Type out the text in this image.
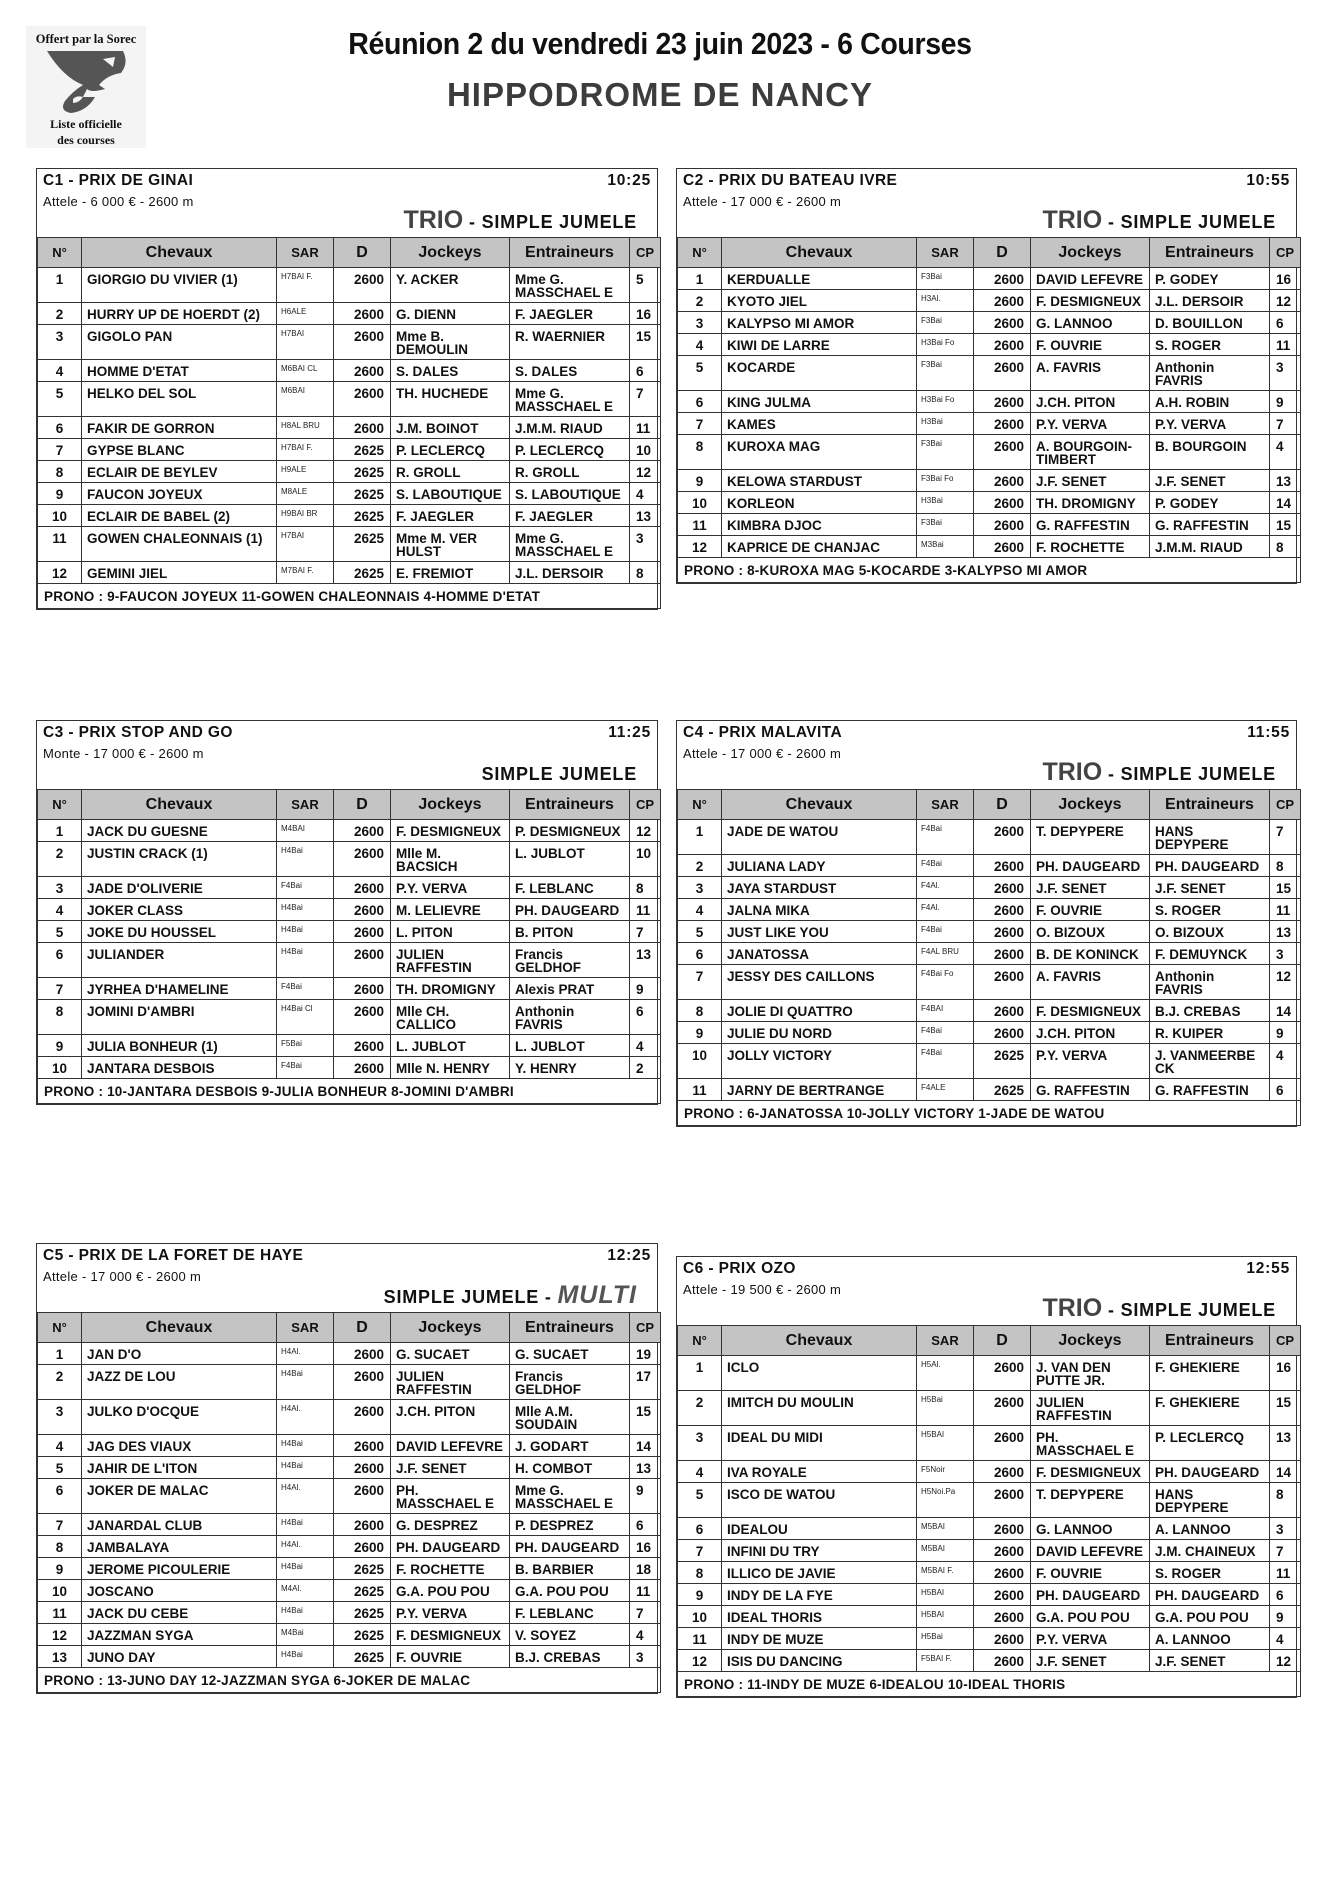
Offert par la Sorec
Liste officielle
des courses
Réunion 2 du vendredi 23 juin 2023 - 6 Courses
HIPPODROME DE NANCY
C1 - PRIX DE GINAI	10:25
Attele - 6 000 € - 2600 m
TRIO - SIMPLE JUMELE
N°	Chevaux	SAR	D	Jockeys	Entraineurs	CP
1	GIORGIO DU VIVIER (1)	H7BAI F.	2600	Y. ACKER	Mme G. MASSCHAEL E	5
2	HURRY UP DE HOERDT (2)	H6ALE	2600	G. DIENN	F. JAEGLER	16
3	GIGOLO PAN	H7BAI	2600	Mme B. DEMOULIN	R. WAERNIER	15
4	HOMME D'ETAT	M6BAI CL	2600	S. DALES	S. DALES	6
5	HELKO DEL SOL	M6BAI	2600	TH. HUCHEDE	Mme G. MASSCHAEL E	7
6	FAKIR DE GORRON	H8AL BRU	2600	J.M. BOINOT	J.M.M. RIAUD	11
7	GYPSE BLANC	H7BAI F.	2625	P. LECLERCQ	P. LECLERCQ	10
8	ECLAIR DE BEYLEV	H9ALE	2625	R. GROLL	R. GROLL	12
9	FAUCON JOYEUX	M8ALE	2625	S. LABOUTIQUE	S. LABOUTIQUE	4
10	ECLAIR DE BABEL (2)	H9BAI BR	2625	F. JAEGLER	F. JAEGLER	13
11	GOWEN CHALEONNAIS (1)	H7BAI	2625	Mme M. VER HULST	Mme G. MASSCHAEL E	3
12	GEMINI JIEL	M7BAI F.	2625	E. FREMIOT	J.L. DERSOIR	8
PRONO : 9-FAUCON JOYEUX 11-GOWEN CHALEONNAIS 4-HOMME D'ETAT						
C2 - PRIX DU BATEAU IVRE	10:55
Attele - 17 000 € - 2600 m
TRIO - SIMPLE JUMELE
N°	Chevaux	SAR	D	Jockeys	Entraineurs	CP
1	KERDUALLE	F3Bai	2600	DAVID LEFEVRE	P. GODEY	16
2	KYOTO JIEL	H3Al.	2600	F. DESMIGNEUX	J.L. DERSOIR	12
3	KALYPSO MI AMOR	F3Bai	2600	G. LANNOO	D. BOUILLON	6
4	KIWI DE LARRE	H3Bai Fo	2600	F. OUVRIE	S. ROGER	11
5	KOCARDE	F3Bai	2600	A. FAVRIS	Anthonin FAVRIS	3
6	KING JULMA	H3Bai Fo	2600	J.CH. PITON	A.H. ROBIN	9
7	KAMES	H3Bai	2600	P.Y. VERVA	P.Y. VERVA	7
8	KUROXA MAG	F3Bai	2600	A. BOURGOIN-TIMBERT	B. BOURGOIN	4
9	KELOWA STARDUST	F3Bai Fo	2600	J.F. SENET	J.F. SENET	13
10	KORLEON	H3Bai	2600	TH. DROMIGNY	P. GODEY	14
11	KIMBRA DJOC	F3Bai	2600	G. RAFFESTIN	G. RAFFESTIN	15
12	KAPRICE DE CHANJAC	M3Bai	2600	F. ROCHETTE	J.M.M. RIAUD	8
PRONO : 8-KUROXA MAG 5-KOCARDE 3-KALYPSO MI AMOR						
C3 - PRIX STOP AND GO	11:25
Monte - 17 000 € - 2600 m
SIMPLE JUMELE
N°	Chevaux	SAR	D	Jockeys	Entraineurs	CP
1	JACK DU GUESNE	M4BAI	2600	F. DESMIGNEUX	P. DESMIGNEUX	12
2	JUSTIN CRACK (1)	H4Bai	2600	Mlle M. BACSICH	L. JUBLOT	10
3	JADE D'OLIVERIE	F4Bai	2600	P.Y. VERVA	F. LEBLANC	8
4	JOKER CLASS	H4Bai	2600	M. LELIEVRE	PH. DAUGEARD	11
5	JOKE DU HOUSSEL	H4Bai	2600	L. PITON	B. PITON	7
6	JULIANDER	H4Bai	2600	JULIEN RAFFESTIN	Francis GELDHOF	13
7	JYRHEA D'HAMELINE	F4Bai	2600	TH. DROMIGNY	Alexis PRAT	9
8	JOMINI D'AMBRI	H4Bai Cl	2600	Mlle CH. CALLICO	Anthonin FAVRIS	6
9	JULIA BONHEUR (1)	F5Bai	2600	L. JUBLOT	L. JUBLOT	4
10	JANTARA DESBOIS	F4Bai	2600	Mlle N. HENRY	Y. HENRY	2
PRONO : 10-JANTARA DESBOIS 9-JULIA BONHEUR 8-JOMINI D'AMBRI						
C4 - PRIX MALAVITA	11:55
Attele - 17 000 € - 2600 m
TRIO - SIMPLE JUMELE
N°	Chevaux	SAR	D	Jockeys	Entraineurs	CP
1	JADE DE WATOU	F4Bai	2600	T. DEPYPERE	HANS DEPYPERE	7
2	JULIANA LADY	F4Bai	2600	PH. DAUGEARD	PH. DAUGEARD	8
3	JAYA STARDUST	F4Al.	2600	J.F. SENET	J.F. SENET	15
4	JALNA MIKA	F4Al.	2600	F. OUVRIE	S. ROGER	11
5	JUST LIKE YOU	F4Bai	2600	O. BIZOUX	O. BIZOUX	13
6	JANATOSSA	F4AL BRU	2600	B. DE KONINCK	F. DEMUYNCK	3
7	JESSY DES CAILLONS	F4Bai Fo	2600	A. FAVRIS	Anthonin FAVRIS	12
8	JOLIE DI QUATTRO	F4BAI	2600	F. DESMIGNEUX	B.J. CREBAS	14
9	JULIE DU NORD	F4Bai	2600	J.CH. PITON	R. KUIPER	9
10	JOLLY VICTORY	F4Bai	2625	P.Y. VERVA	J. VANMEERBE CK	4
11	JARNY DE BERTRANGE	F4ALE	2625	G. RAFFESTIN	G. RAFFESTIN	6
PRONO : 6-JANATOSSA 10-JOLLY VICTORY 1-JADE DE WATOU						
C5 - PRIX DE LA FORET DE HAYE	12:25
Attele - 17 000 € - 2600 m
SIMPLE JUMELE - MULTI
N°	Chevaux	SAR	D	Jockeys	Entraineurs	CP
1	JAN D'O	H4Al.	2600	G. SUCAET	G. SUCAET	19
2	JAZZ DE LOU	H4Bai	2600	JULIEN RAFFESTIN	Francis GELDHOF	17
3	JULKO D'OCQUE	H4Al.	2600	J.CH. PITON	Mlle A.M. SOUDAIN	15
4	JAG DES VIAUX	H4Bai	2600	DAVID LEFEVRE	J. GODART	14
5	JAHIR DE L'ITON	H4Bai	2600	J.F. SENET	H. COMBOT	13
6	JOKER DE MALAC	H4Al.	2600	PH. MASSCHAEL E	Mme G. MASSCHAEL E	9
7	JANARDAL CLUB	H4Bai	2600	G. DESPREZ	P. DESPREZ	6
8	JAMBALAYA	H4Al.	2600	PH. DAUGEARD	PH. DAUGEARD	16
9	JEROME PICOULERIE	H4Bai	2625	F. ROCHETTE	B. BARBIER	18
10	JOSCANO	M4Al.	2625	G.A. POU POU	G.A. POU POU	11
11	JACK DU CEBE	H4Bai	2625	P.Y. VERVA	F. LEBLANC	7
12	JAZZMAN SYGA	M4Bai	2625	F. DESMIGNEUX	V. SOYEZ	4
13	JUNO DAY	H4Bai	2625	F. OUVRIE	B.J. CREBAS	3
PRONO : 13-JUNO DAY 12-JAZZMAN SYGA 6-JOKER DE MALAC						
C6 - PRIX OZO	12:55
Attele - 19 500 € - 2600 m
TRIO - SIMPLE JUMELE
N°	Chevaux	SAR	D	Jockeys	Entraineurs	CP
1	ICLO	H5Al.	2600	J. VAN DEN PUTTE JR.	F. GHEKIERE	16
2	IMITCH DU MOULIN	H5Bai	2600	JULIEN RAFFESTIN	F. GHEKIERE	15
3	IDEAL DU MIDI	H5BAI	2600	PH. MASSCHAEL E	P. LECLERCQ	13
4	IVA ROYALE	F5Noir	2600	F. DESMIGNEUX	PH. DAUGEARD	14
5	ISCO DE WATOU	H5Noi.Pa	2600	T. DEPYPERE	HANS DEPYPERE	8
6	IDEALOU	M5BAI	2600	G. LANNOO	A. LANNOO	3
7	INFINI DU TRY	M5BAI	2600	DAVID LEFEVRE	J.M. CHAINEUX	7
8	ILLICO DE JAVIE	M5BAI F.	2600	F. OUVRIE	S. ROGER	11
9	INDY DE LA FYE	H5BAI	2600	PH. DAUGEARD	PH. DAUGEARD	6
10	IDEAL THORIS	H5BAI	2600	G.A. POU POU	G.A. POU POU	9
11	INDY DE MUZE	H5Bai	2600	P.Y. VERVA	A. LANNOO	4
12	ISIS DU DANCING	F5BAI F.	2600	J.F. SENET	J.F. SENET	12
PRONO : 11-INDY DE MUZE 6-IDEALOU 10-IDEAL THORIS						
